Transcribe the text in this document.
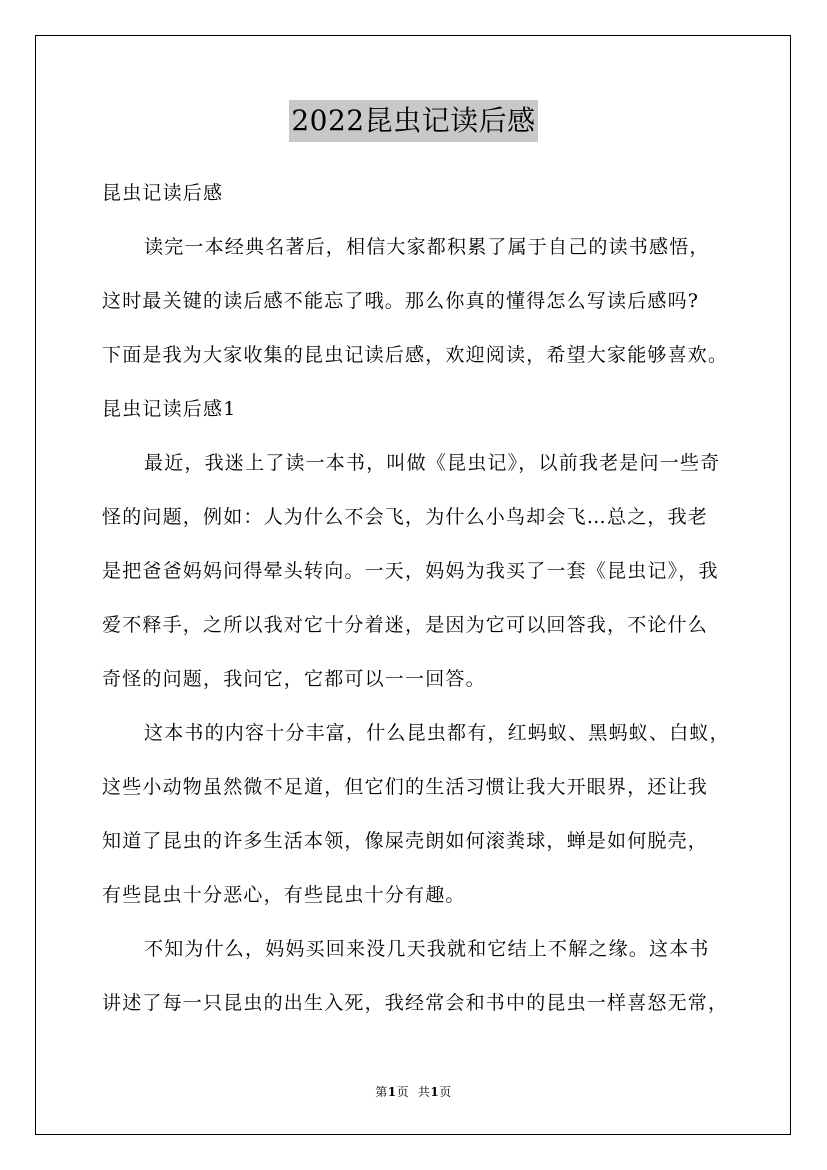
2022昆虫记读后感
昆虫记读后感
读完一本经典名著后，相信大家都积累了属于自己的读书感悟，
这时最关键的读后感不能忘了哦。那么你真的懂得怎么写读后感吗?
下面是我为大家收集的昆虫记读后感，欢迎阅读，希望大家能够喜欢。
昆虫记读后感1
最近，我迷上了读一本书，叫做《昆虫记》，以前我老是问一些奇
怪的问题，例如：人为什么不会飞，为什么小鸟却会飞…总之，我老
是把爸爸妈妈问得晕头转向。一天，妈妈为我买了一套《昆虫记》，我
爱不释手，之所以我对它十分着迷，是因为它可以回答我，不论什么
奇怪的问题，我问它，它都可以一一回答。
这本书的内容十分丰富，什么昆虫都有，红蚂蚁、黑蚂蚁、白蚁，
这些小动物虽然微不足道，但它们的生活习惯让我大开眼界，还让我
知道了昆虫的许多生活本领，像屎壳朗如何滚粪球，蝉是如何脱壳，
有些昆虫十分恶心，有些昆虫十分有趣。
不知为什么，妈妈买回来没几天我就和它结上不解之缘。这本书
讲述了每一只昆虫的出生入死，我经常会和书中的昆虫一样喜怒无常，
第1页 共1页
